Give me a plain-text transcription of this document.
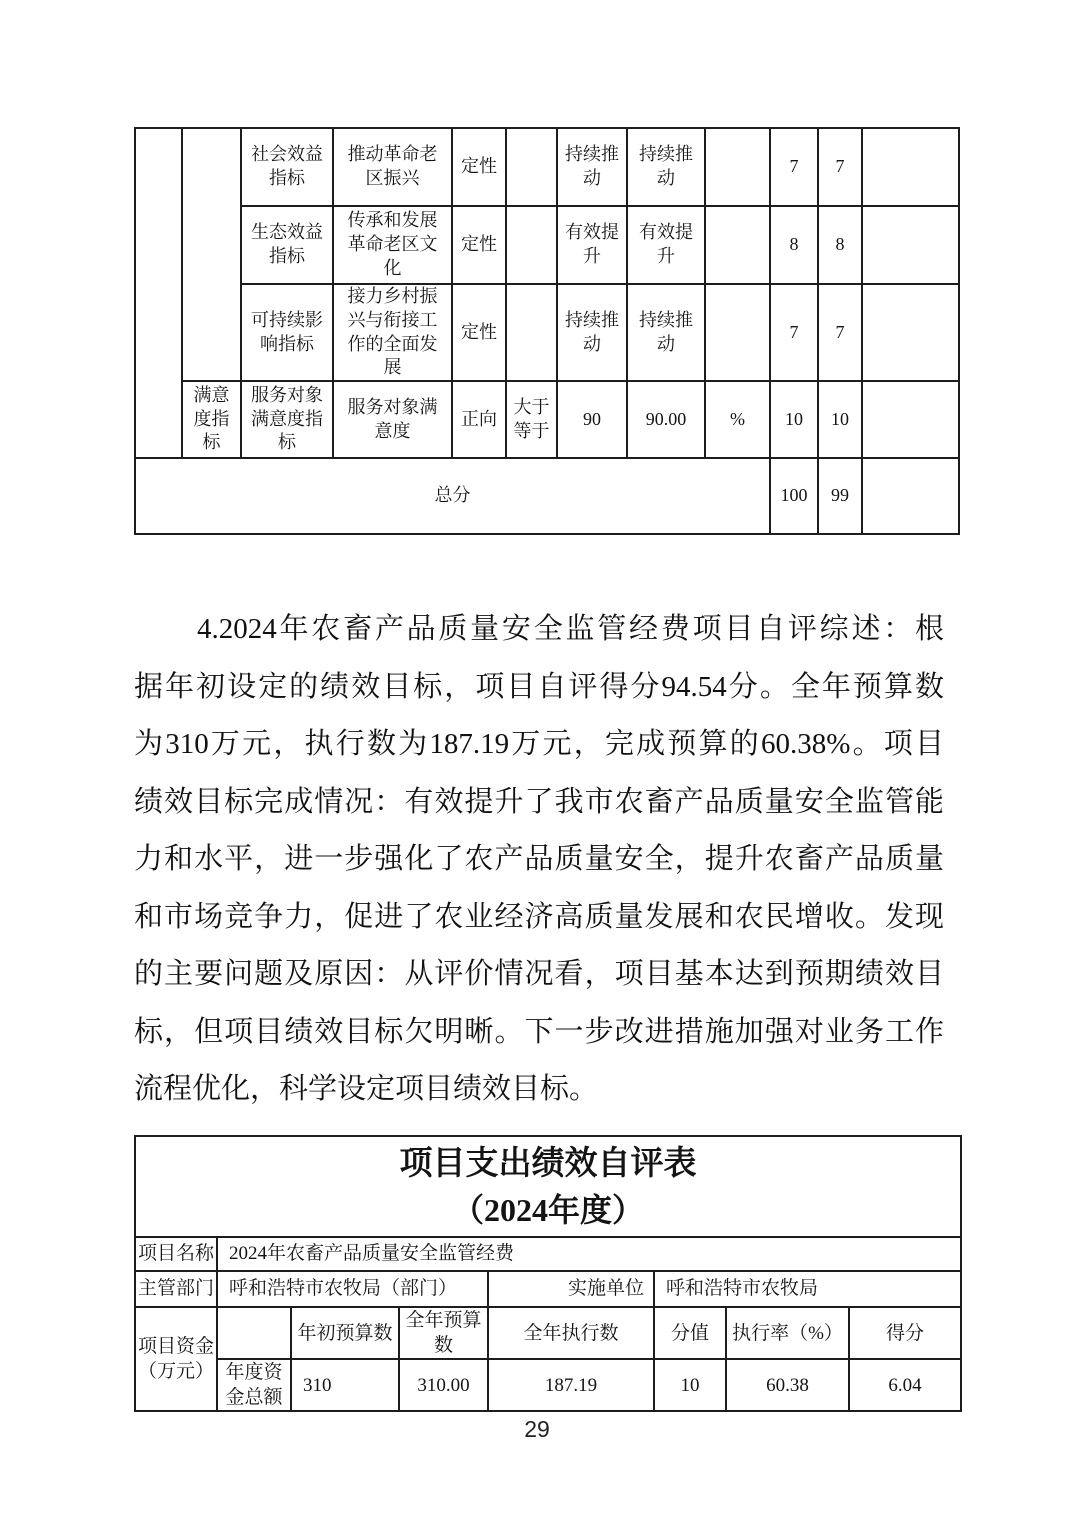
		社会效益指标	推动革命老区振兴	定性		持续推动	持续推动		7	7	
		生态效益指标	传承和发展革命老区文化	定性		有效提升	有效提升		8	8	
		可持续影响指标	接力乡村振兴与衔接工作的全面发展	定性		持续推动	持续推动		7	7	
	满意度指标	服务对象满意度指标	服务对象满意度	正向	大于等于	90	90.00	%	10	10	
总分									100	99	
4.2024年农畜产品质量安全监管经费项目自评综述：根
据年初设定的绩效目标，项目自评得分94.54分。全年预算数
为310万元，执行数为187.19万元，完成预算的60.38%。项目
绩效目标完成情况：有效提升了我市农畜产品质量安全监管能
力和水平，进一步强化了农产品质量安全，提升农畜产品质量
和市场竞争力，促进了农业经济高质量发展和农民增收。发现
的主要问题及原因：从评价情况看，项目基本达到预期绩效目
标，但项目绩效目标欠明晰。下一步改进措施加强对业务工作
流程优化，科学设定项目绩效目标。
项目支出绩效自评表
（2024年度）							

项目名称	2024年农畜产品质量安全监管经费						
主管部门	呼和浩特市农牧局（部门）			实施单位	呼和浩特市农牧局		
项目资金（万元）		年初预算数	全年预算数	全年执行数	分值	执行率（%）	得分
	年度资金总额	310	310.00	187.19	10	60.38	6.04
29
